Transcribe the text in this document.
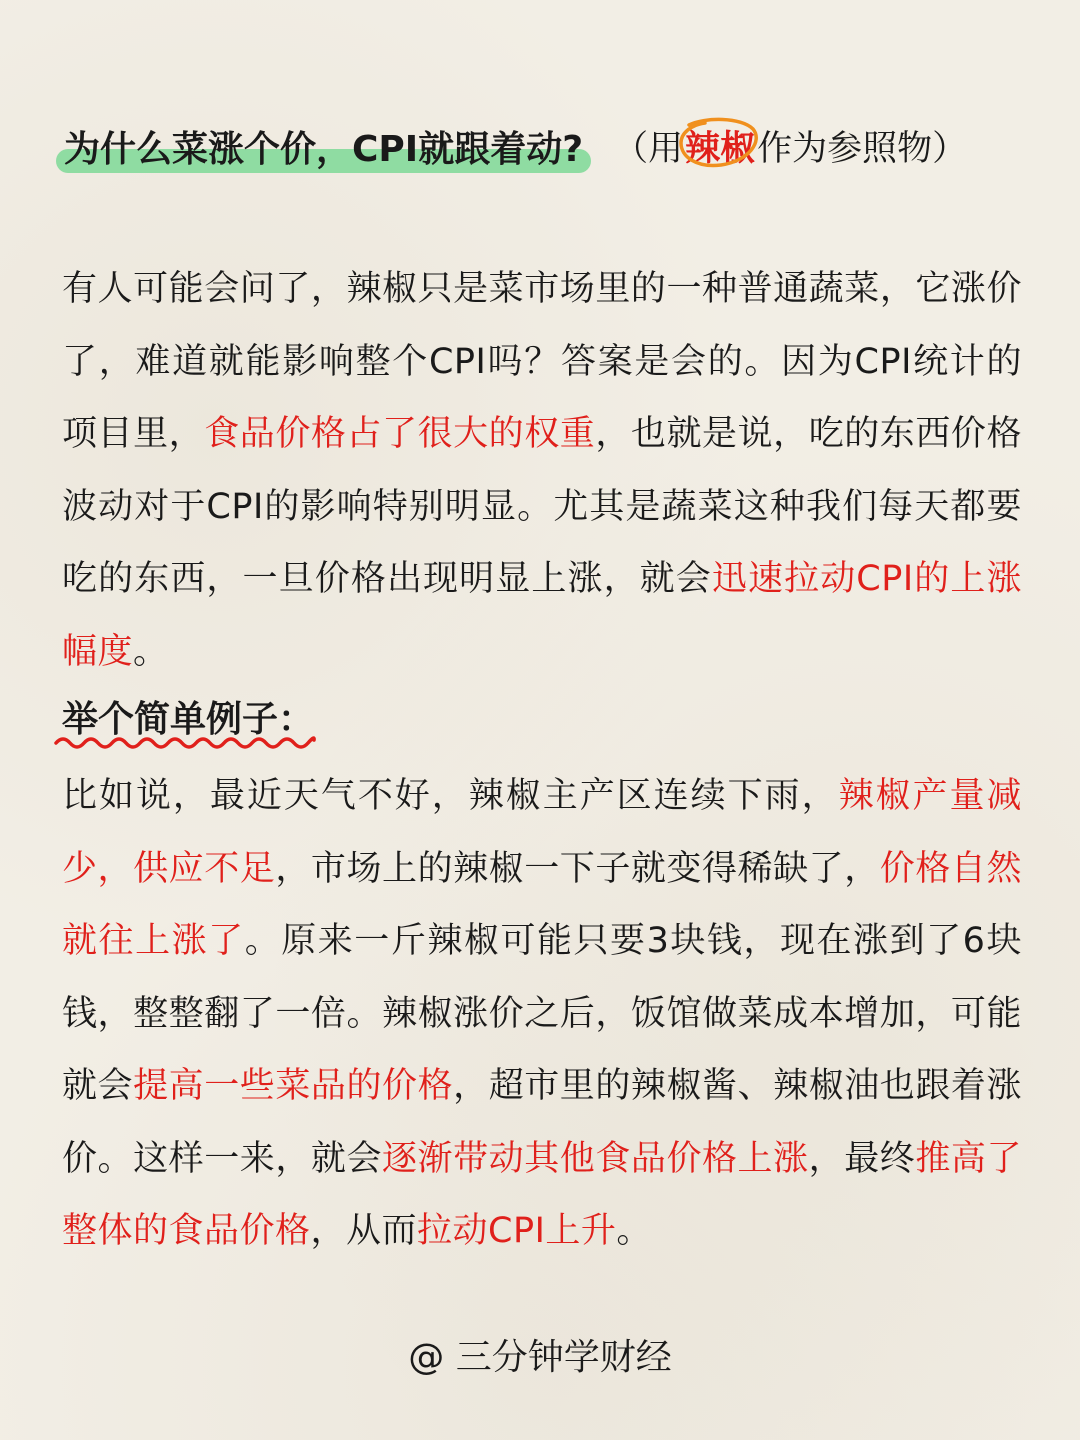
为什么菜涨个价，CPI就跟着动? （用 辣椒 作为参照物）
有人可能会问了，辣椒只是菜市场里的一种普通蔬菜，它涨价了，难道就能影响整个CPI吗？答案是会的。因为CPI统计的项目里，食品价格占了很大的权重，也就是说，吃的东西价格波动对于CPI的影响特别明显。尤其是蔬菜这种我们每天都要吃的东西，一旦价格出现明显上涨，就会迅速拉动CPI的上涨幅度。
举个简单例子：
比如说，最近天气不好，辣椒主产区连续下雨，辣椒产量减少，供应不足，市场上的辣椒一下子就变得稀缺了，价格自然就往上涨了。原来一斤辣椒可能只要3块钱，现在涨到了6块钱，整整翻了一倍。辣椒涨价之后，饭馆做菜成本增加，可能就会提高一些菜品的价格，超市里的辣椒酱、辣椒油也跟着涨价。这样一来，就会逐渐带动其他食品价格上涨，最终推高了整体的食品价格，从而拉动CPI上升。
@ 三分钟学财经
